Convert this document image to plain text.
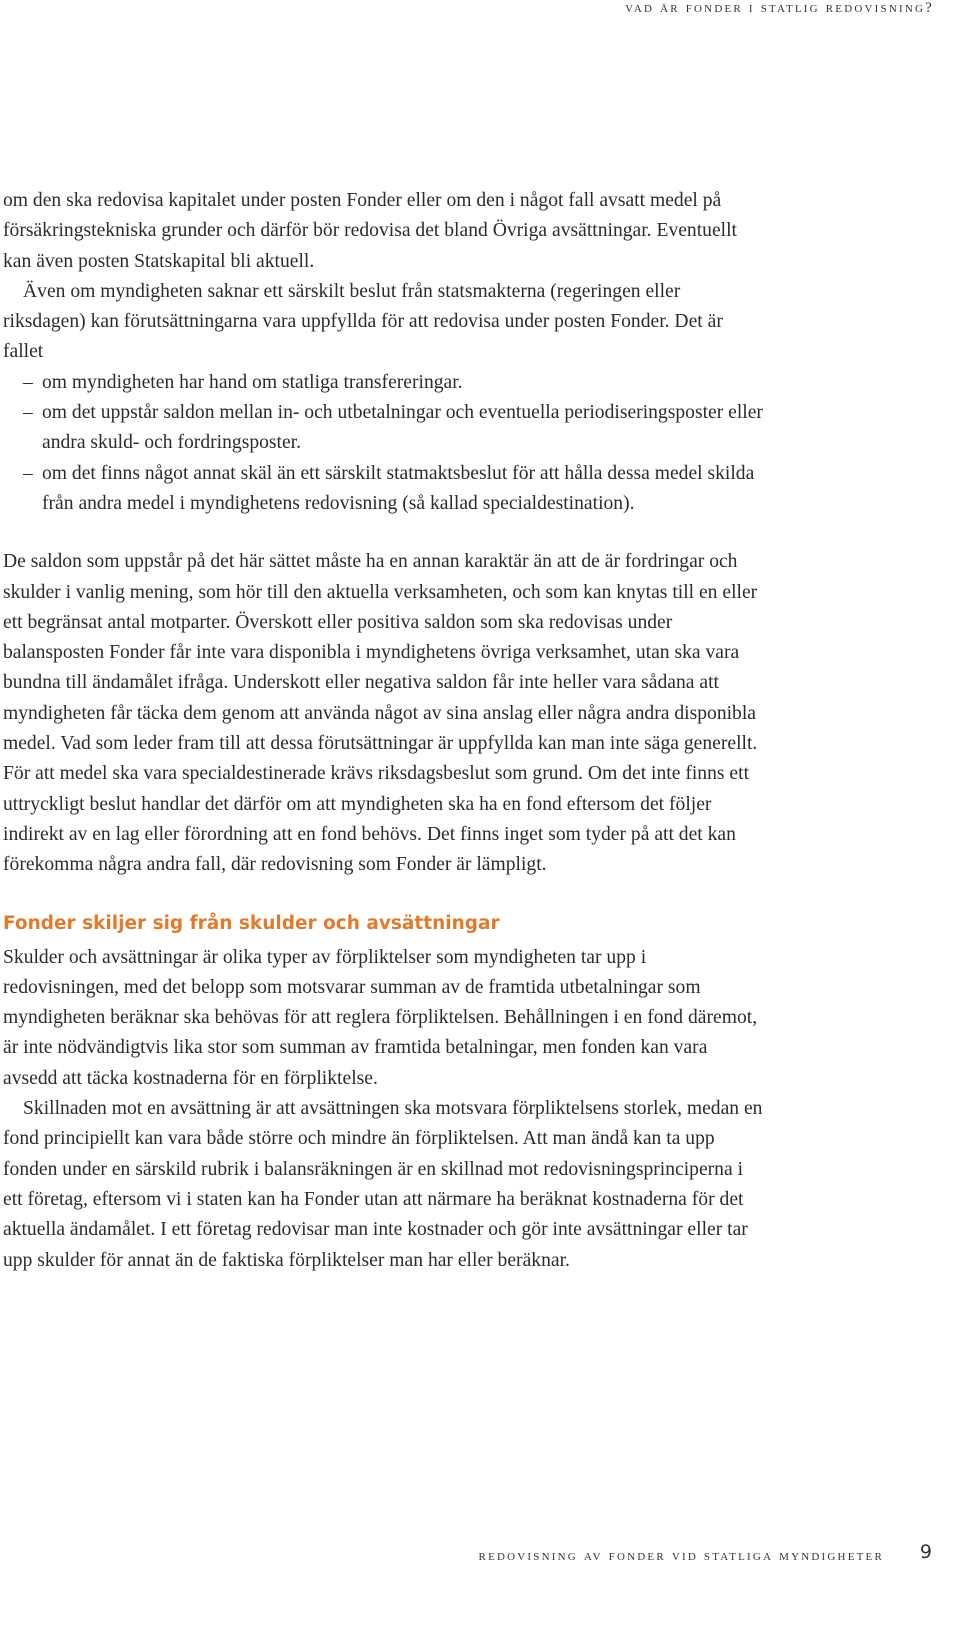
vad är fonder i statlig redovisning?

om den ska redovisa kapitalet under posten Fonder eller om den i något fall avsatt medel på försäkringstekniska grunder och därför bör redovisa det bland Övriga avsättningar. Eventuellt kan även posten Statskapital bli aktuell.

Även om myndigheten saknar ett särskilt beslut från statsmakterna (regeringen eller riksdagen) kan förutsättningarna vara uppfyllda för att redovisa under posten Fonder. Det är fallet

– om myndigheten har hand om statliga transfereringar.
– om det uppstår saldon mellan in- och utbetalningar och eventuella periodiseringsposter eller andra skuld- och fordringsposter.
– om det finns något annat skäl än ett särskilt statmaktsbeslut för att hålla dessa medel skilda från andra medel i myndighetens redovisning (så kallad specialdestination).

De saldon som uppstår på det här sättet måste ha en annan karaktär än att de är fordringar och skulder i vanlig mening, som hör till den aktuella verksamheten, och som kan knytas till en eller ett begränsat antal motparter. Överskott eller positiva saldon som ska redovisas under balansposten Fonder får inte vara disponibla i myndighetens övriga verksamhet, utan ska vara bundna till ändamålet ifråga. Underskott eller negativa saldon får inte heller vara sådana att myndigheten får täcka dem genom att använda något av sina anslag eller några andra disponibla medel. Vad som leder fram till att dessa förutsättningar är uppfyllda kan man inte säga generellt. För att medel ska vara specialdestinerade krävs riksdagsbeslut som grund. Om det inte finns ett uttryckligt beslut handlar det därför om att myndigheten ska ha en fond eftersom det följer indirekt av en lag eller förordning att en fond behövs. Det finns inget som tyder på att det kan förekomma några andra fall, där redovisning som Fonder är lämpligt.

Fonder skiljer sig från skulder och avsättningar

Skulder och avsättningar är olika typer av förpliktelser som myndigheten tar upp i redovisningen, med det belopp som motsvarar summan av de framtida utbetalningar som myndigheten beräknar ska behövas för att reglera förpliktelsen. Behållningen i en fond däremot, är inte nödvändigtvis lika stor som summan av framtida betalningar, men fonden kan vara avsedd att täcka kostnaderna för en förpliktelse.

Skillnaden mot en avsättning är att avsättningen ska motsvara förpliktelsens storlek, medan en fond principiellt kan vara både större och mindre än förpliktelsen. Att man ändå kan ta upp fonden under en särskild rubrik i balansräkningen är en skillnad mot redovisningsprinciperna i ett företag, eftersom vi i staten kan ha Fonder utan att närmare ha beräknat kostnaderna för det aktuella ändamålet. I ett företag redovisar man inte kostnader och gör inte avsättningar eller tar upp skulder för annat än de faktiska förpliktelser man har eller beräknar.

redovisning av fonder vid statliga myndigheter 9
